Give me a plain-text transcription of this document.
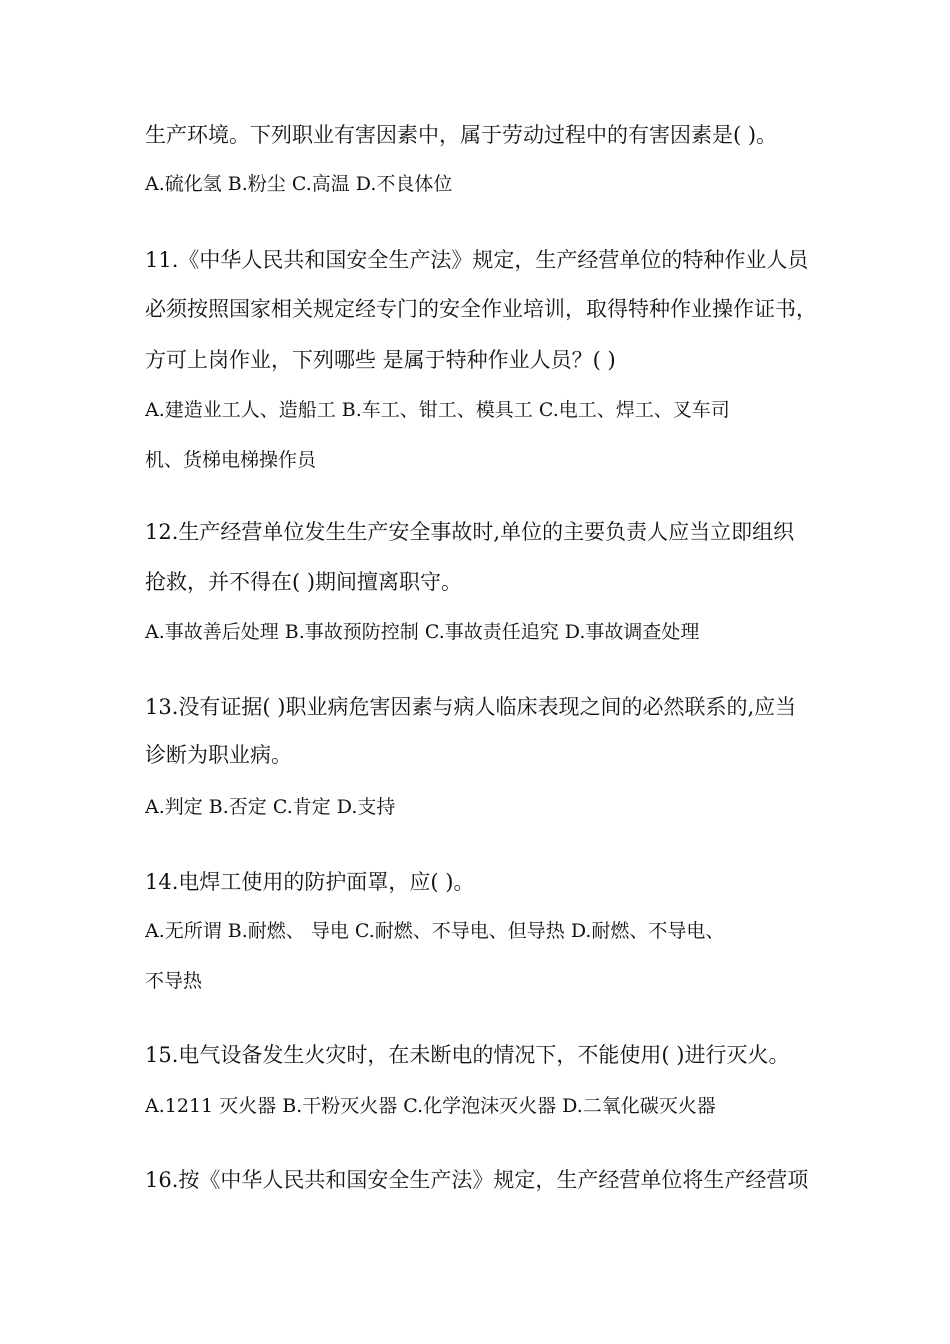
生产环境。下列职业有害因素中，属于劳动过程中的有害因素是( )。
A.硫化氢 B.粉尘 C.高温 D.不良体位
11.《中华人民共和国安全生产法》规定，生产经营单位的特种作业人员
必须按照国家相关规定经专门的安全作业培训，取得特种作业操作证书，
方可上岗作业，下列哪些 是属于特种作业人员？( )
A.建造业工人、造船工 B.车工、钳工、模具工 C.电工、焊工、叉车司
机、货梯电梯操作员
12.生产经营单位发生生产安全事故时,单位的主要负责人应当立即组织
抢救，并不得在( )期间擅离职守。
A.事故善后处理 B.事故预防控制 C.事故责任追究 D.事故调查处理
13.没有证据( )职业病危害因素与病人临床表现之间的必然联系的,应当
诊断为职业病。
A.判定 B.否定 C.肯定 D.支持
14.电焊工使用的防护面罩，应( )。
A.无所谓 B.耐燃、 导电 C.耐燃、不导电、但导热 D.耐燃、不导电、
不导热
15.电气设备发生火灾时，在未断电的情况下，不能使用( )进行灭火。
A.1211 灭火器 B.干粉灭火器 C.化学泡沫灭火器 D.二氧化碳灭火器
16.按《中华人民共和国安全生产法》规定，生产经营单位将生产经营项
